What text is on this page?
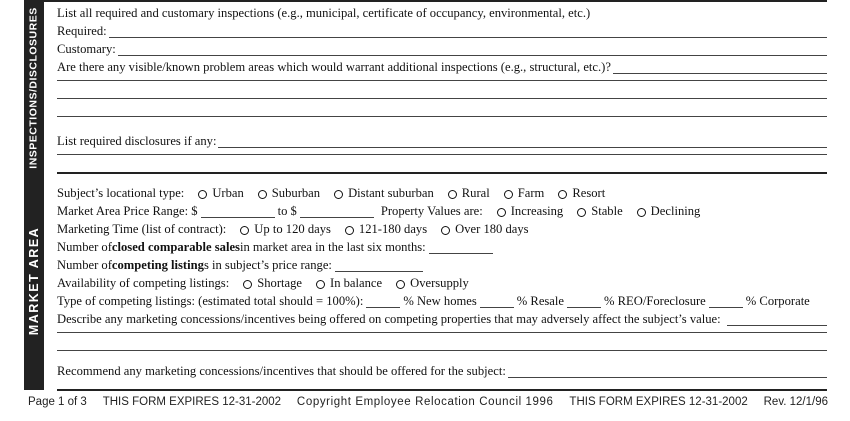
INSPECTIONS/DISCLOSURES List all required and customary inspections (e.g., municipal, certificate of occupancy, environmental, etc.)
Required:
Customary:
Are there any visible/known problem areas which would warrant additional inspections (e.g., structural, etc.)?
List required disclosures if any:
MARKET AREA
Subject’s locational type: Urban Suburban Distant suburban Rural Farm Resort
Market Area Price Range: $	to $	Property Values are: Increasing Stable Declining
Marketing Time (list of contract): Up to 120 days 121-180 days Over 180 days
Number of closed comparable sales in market area in the last six months:
Number of competing listing s in subject’s price range:
Availability of competing listings: Shortage In balance Oversupply
Type of competing listings: (estimated total should = 100%):	% New homes	% Resale	% REO/Foreclosure	% Corporate
Describe any marketing concessions/incentives being offered on competing properties that may adversely affect the subject’s value:
Recommend any marketing concessions/incentives that should be offered for the subject:
Page 1 of 3 THIS FORM EXPIRES 12-31-2002 Copyright Employee Relocation Council 1996 THIS FORM EXPIRES 12-31-2002 Rev. 12/1/96
